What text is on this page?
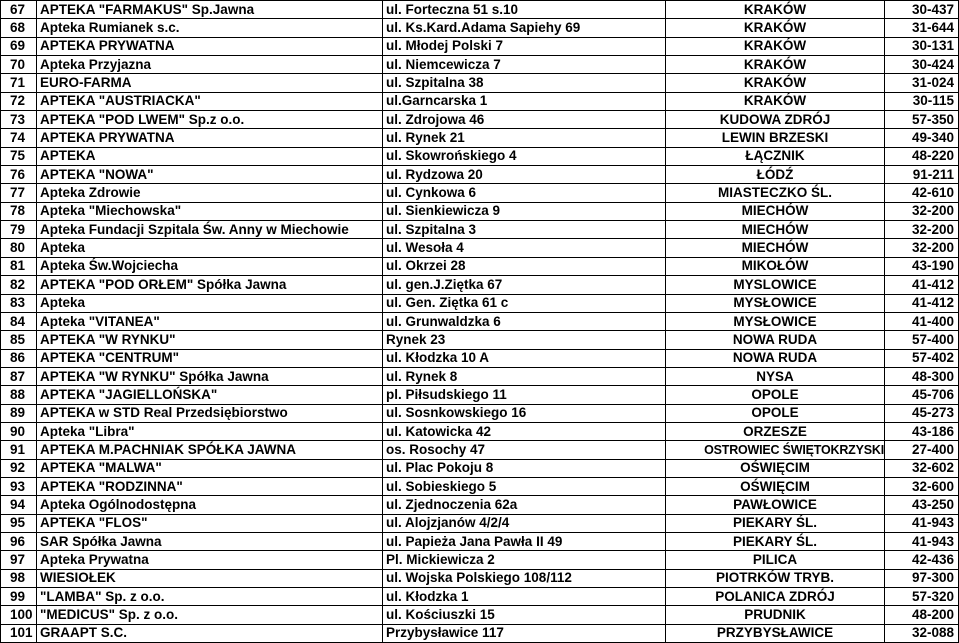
67	APTEKA "FARMAKUS" Sp.Jawna	ul. Forteczna 51 s.10	KRAKÓW	30-437
68	Apteka Rumianek s.c.	ul. Ks.Kard.Adama Sapiehy 69	KRAKÓW	31-644
69	APTEKA PRYWATNA	ul. Młodej Polski 7	KRAKÓW	30-131
70	Apteka Przyjazna	ul. Niemcewicza 7	KRAKÓW	30-424
71	EURO-FARMA	ul. Szpitalna 38	KRAKÓW	31-024
72	APTEKA "AUSTRIACKA"	ul.Garncarska 1	KRAKÓW	30-115
73	APTEKA "POD LWEM" Sp.z o.o.	ul. Zdrojowa 46	KUDOWA ZDRÓJ	57-350
74	APTEKA PRYWATNA	ul. Rynek 21	LEWIN BRZESKI	49-340
75	APTEKA	ul. Skowrońskiego 4	ŁĄCZNIK	48-220
76	APTEKA "NOWA"	ul. Rydzowa 20	ŁÓDŹ	91-211
77	Apteka Zdrowie	ul. Cynkowa 6	MIASTECZKO ŚL.	42-610
78	Apteka "Miechowska"	ul. Sienkiewicza 9	MIECHÓW	32-200
79	Apteka Fundacji Szpitala Św. Anny w Miechowie	ul. Szpitalna 3	MIECHÓW	32-200
80	Apteka	ul. Wesoła 4	MIECHÓW	32-200
81	Apteka Św.Wojciecha	ul. Okrzei 28	MIKOŁÓW	43-190
82	APTEKA "POD ORŁEM" Spółka Jawna	ul. gen.J.Ziętka 67	MYSLOWICE	41-412
83	Apteka	ul. Gen. Ziętka 61 c	MYSŁOWICE	41-412
84	Apteka "VITANEA"	ul. Grunwaldzka 6	MYSŁOWICE	41-400
85	APTEKA "W RYNKU"	Rynek 23	NOWA RUDA	57-400
86	APTEKA "CENTRUM"	ul. Kłodzka 10 A	NOWA RUDA	57-402
87	APTEKA "W RYNKU" Spółka Jawna	ul. Rynek 8	NYSA	48-300
88	APTEKA "JAGIELLOŃSKA"	pl. Piłsudskiego 11	OPOLE	45-706
89	APTEKA w STD Real Przedsiębiorstwo	ul. Sosnkowskiego 16	OPOLE	45-273
90	Apteka "Libra"	ul. Katowicka 42	ORZESZE	43-186
91	APTEKA M.PACHNIAK SPÓŁKA JAWNA	os. Rosochy 47	OSTROWIEC ŚWIĘTOKRZYSKI	27-400
92	APTEKA "MALWA"	ul. Plac Pokoju 8	OŚWIĘCIM	32-602
93	APTEKA "RODZINNA"	ul. Sobieskiego 5	OŚWIĘCIM	32-600
94	Apteka Ogólnodostępna	ul. Zjednoczenia 62a	PAWŁOWICE	43-250
95	APTEKA "FLOS"	ul. Alojzjanów 4/2/4	PIEKARY ŚL.	41-943
96	SAR Spółka Jawna	ul. Papieża Jana Pawła II 49	PIEKARY ŚL.	41-943
97	Apteka Prywatna	Pl. Mickiewicza 2	PILICA	42-436
98	WIESIOŁEK	ul. Wojska Polskiego 108/112	PIOTRKÓW TRYB.	97-300
99	"LAMBA" Sp. z o.o.	ul. Kłodzka 1	POLANICA ZDRÓJ	57-320
100	"MEDICUS" Sp. z o.o.	ul. Kościuszki 15	PRUDNIK	48-200
101	GRAAPT S.C.	Przybysławice 117	PRZYBYSŁAWICE	32-088
